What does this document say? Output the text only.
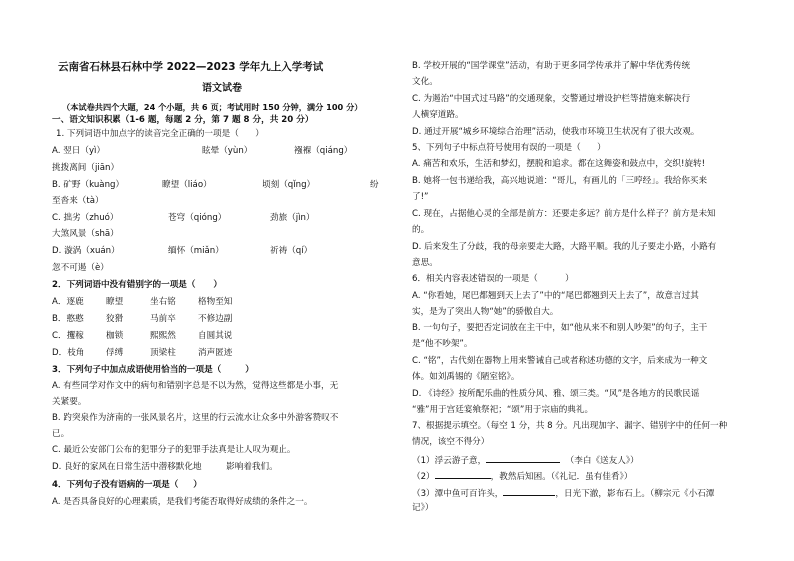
云南省石林县石林中学 2022—2023 学年九上入学考试
语文试卷
（本试卷共四个大题，24 个小题，共 6 页；考试用时 150 分钟，满分 100 分）
一、语文知识积累（1-6 题，每题 2 分，第 7 题 8 分，共 20 分）
1. 下列词语中加点字的读音完全正确的一项是（      ）
A. 翌日（yì）	眩晕（yùn）	襁褓（qiáng）
挑拨离间（jiān）
B. 矿野（kuàng）	瞭望（liáo）	顷刻（qǐng）	纷
至沓来（tà）
C. 拙劣（zhuó）	苍穹（qióng）	劲旅（jìn）
大煞风景（shā）
D. 漩涡（xuán）	缅怀（miǎn）	祈祷（qí）
忽不可遏（è）
2．下列词语中没有错别字的一项是（      ）
A．逐鹿	瞭望	坐右铭	格物至知
B．憨憨	狡猾	马前卒	不修边副
C．攫稼	枷锁	熙熙然	自圆其说
D．枝角	俘缚	顶梁柱	消声匿迹
3．下列句子中加点成语使用恰当的一项是（        ）
A. 有些同学对作文中的病句和错别字总是不以为然，觉得这些都是小事，无
关紧要。
B. 趵突泉作为济南的一张风景名片，这里的行云流水让众多中外游客赞叹不
已。
C. 最近公安部门公布的犯罪分子的犯罪手法真是让人叹为观止。
D. 良好的家风在日常生活中潜移默化地         影响着我们。
4．下列句子没有语病的一项是（     ）
A. 是否具备良好的心理素质，是我们考能否取得好成绩的条件之一。
B. 学校开展的“国学课堂”活动，有助于更多同学传承并了解中华优秀传统
文化。
C. 为遏治“中国式过马路”的交通现象，交警通过增设护栏等措施来解决行
人横穿道路。
D. 通过开展“城乡环境综合治理”活动，使我市环境卫生状况有了很大改观。
5、下列句子中标点符号使用有误的一项是（      ）
A. 痛苦和欢乐，生活和梦幻，摆脱和追求。都在这舞姿和鼓点中，交织!旋转!
B. 她将一包书递给我，高兴地说道：“哥儿，有画儿的「三哼经」。我给你买来
了!”
C. 现在，占据他心灵的全部是前方：还要走多远？前方是什么样子？前方是未知
的。
D. 后来发生了分歧，我的母亲要走大路，大路平顺。我的儿子要走小路，小路有
意思。
6．相关内容表述错误的一项是（          ）
A. “你看她，尾巴都翘到天上去了”中的“尾巴都翘到天上去了”，故意言过其
实，是为了突出人物“她”的骄傲自大。
B. 一句句子，要把否定词放在主干中，如“他从来不和别人吵架”的句子，主干
是“他不吵架”。
C. “铭”，古代刻在器物上用来警诫自己或者称述功德的文字，后来成为一种文
体。如刘禹锡的《陋室铭》。
D. 《诗经》按所配乐曲的性质分风、雅、颂三类。“风”是各地方的民歌民谣
“雅”用于宫廷宴飨祭祀；“颂”用于宗庙的典礼。
7、根据提示填空。（每空 1 分，共 8 分。凡出现加字、漏字、错别字中的任何一种
情况，该空不得分）
（1）浮云游子意，	（李白《送友人》）
（2）	，教然后知困。（《礼记．虽有佳肴》）
（3）潭中鱼可百许头，	，日光下澈，影布石上。（柳宗元《小石潭
记》）
